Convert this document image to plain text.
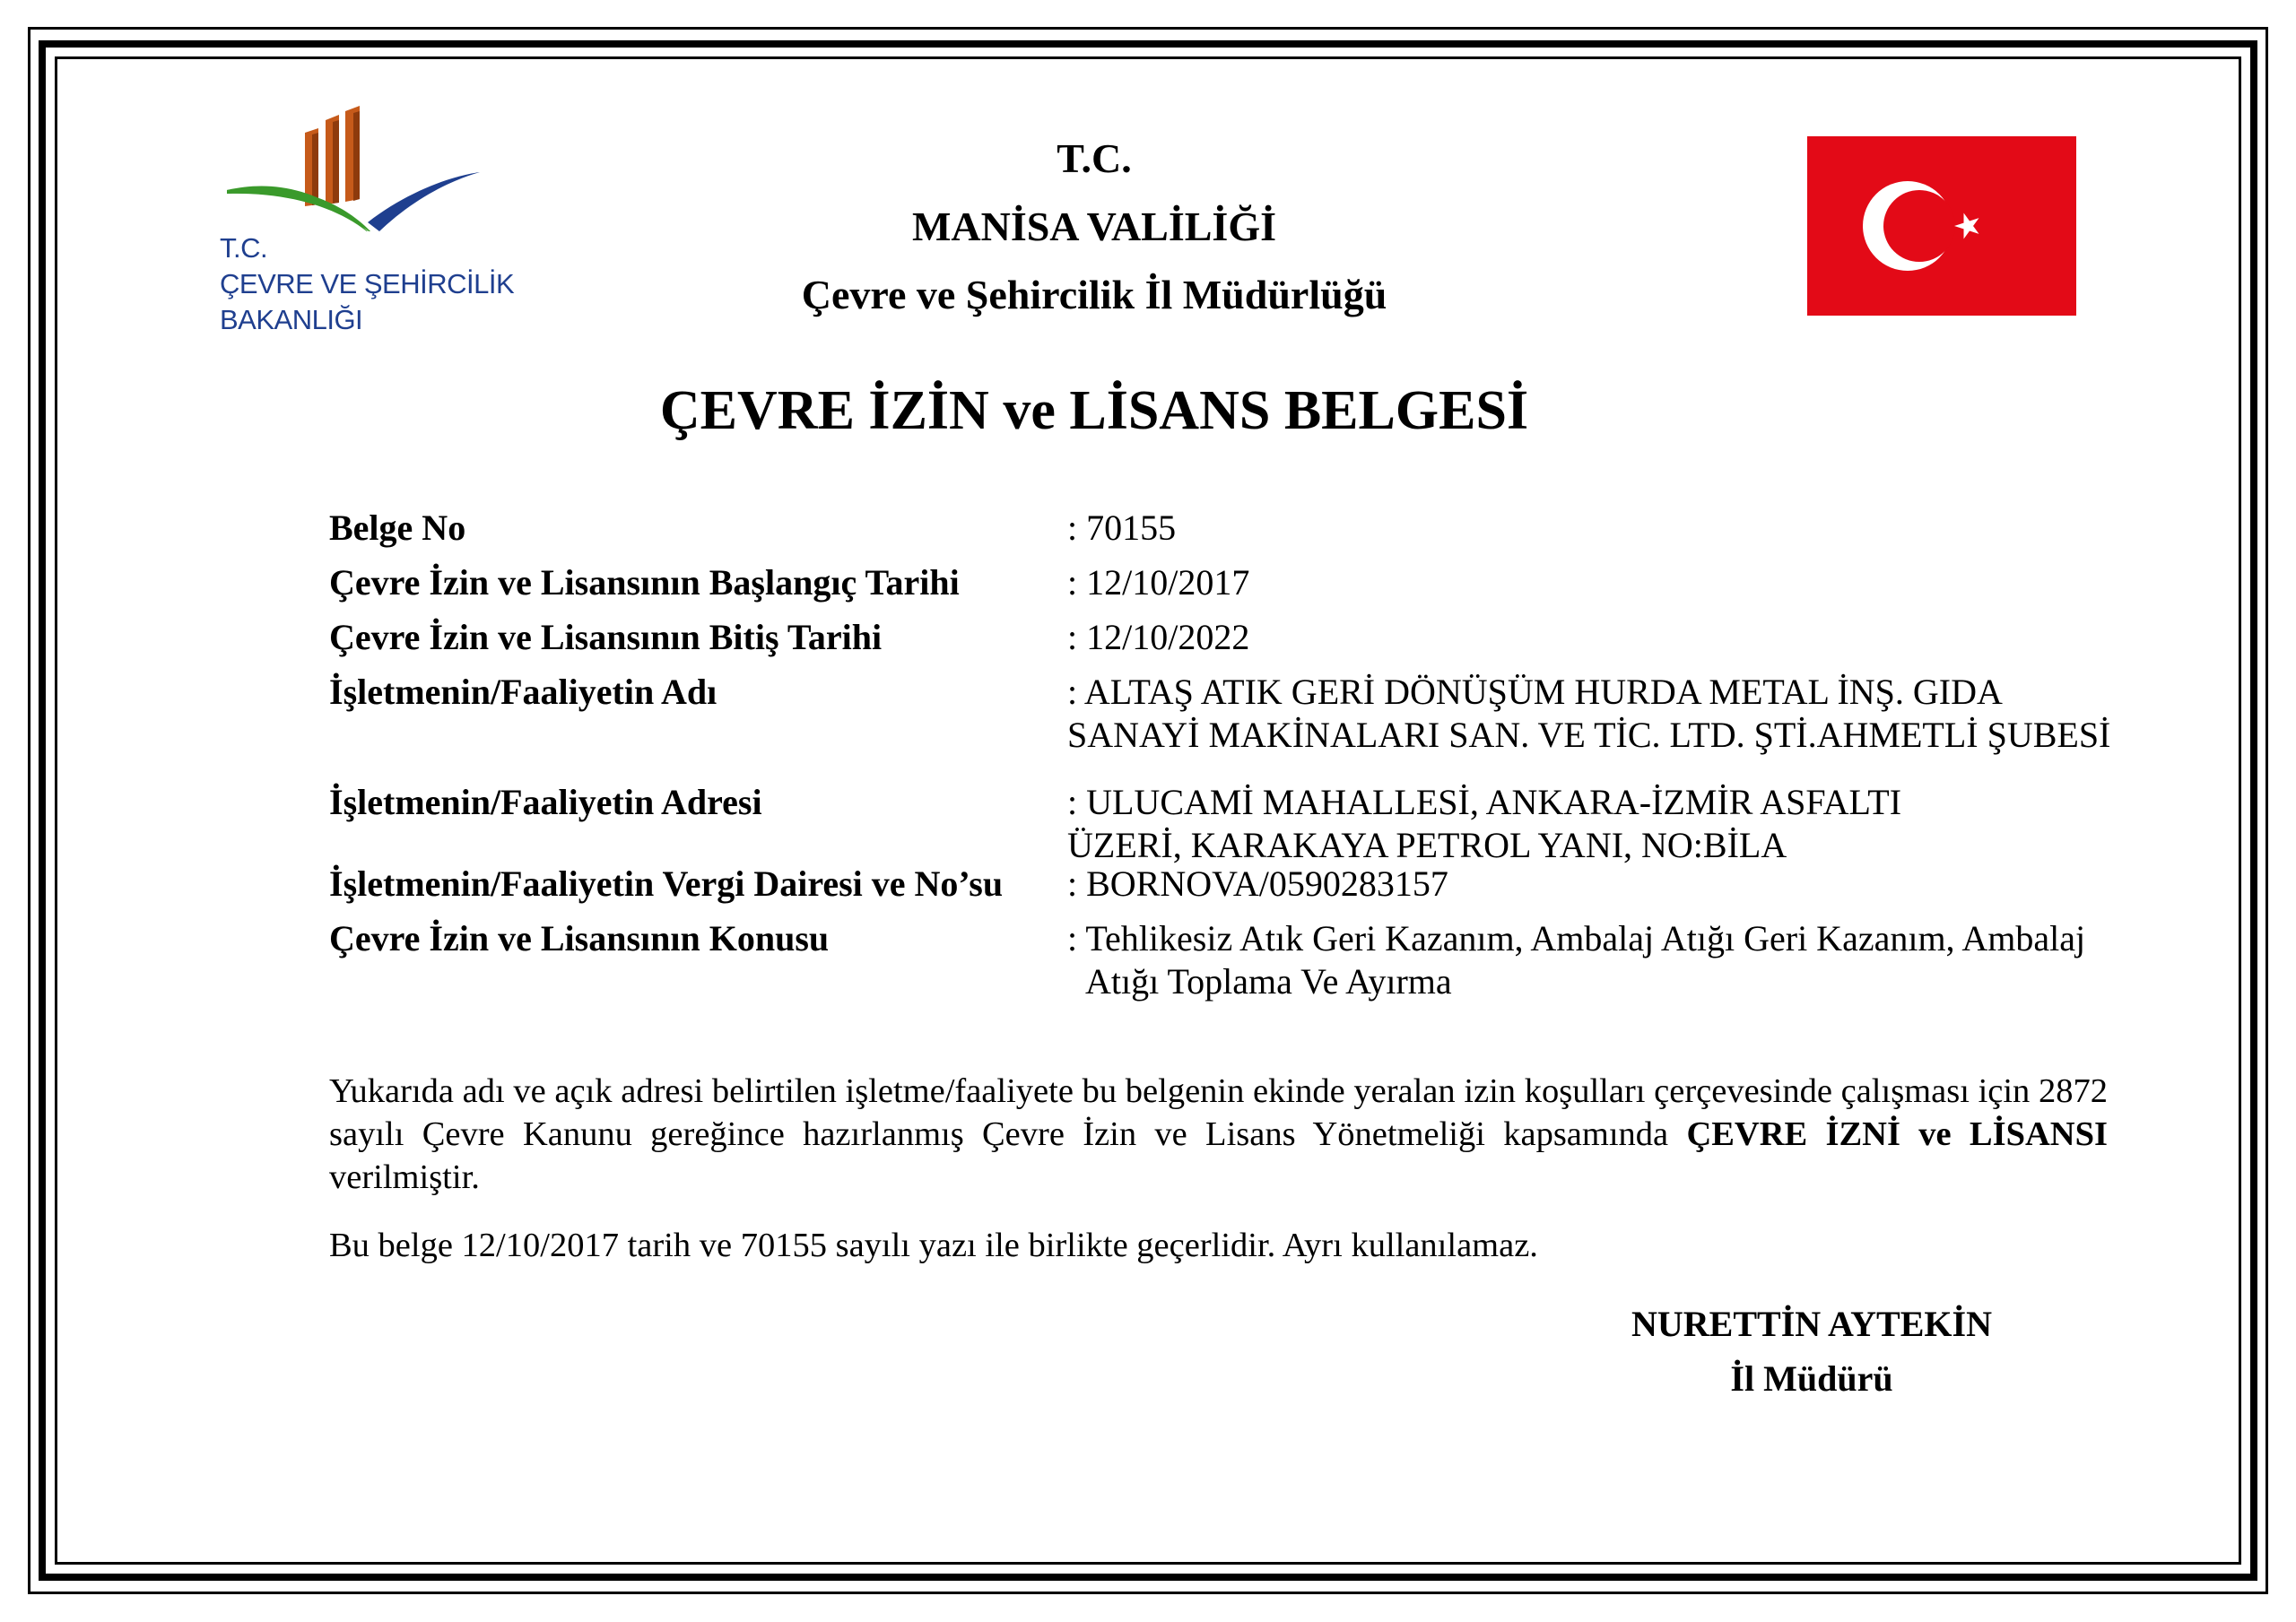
T.C.
ÇEVRE VE ŞEHİRCİLİK
BAKANLIĞI
T.C.
MANİSA VALİLİĞİ
Çevre ve Şehircilik İl Müdürlüğü
ÇEVRE İZİN ve LİSANS BELGESİ
Belge No	: 70155
Çevre İzin ve Lisansının Başlangıç Tarihi	: 12/10/2017
Çevre İzin ve Lisansının Bitiş Tarihi	: 12/10/2022
İşletmenin/Faaliyetin Adı	: ALTAŞ ATIK GERİ DÖNÜŞÜM HURDA METAL İNŞ. GIDA
SANAYİ MAKİNALARI SAN. VE TİC. LTD. ŞTİ.AHMETLİ ŞUBESİ
İşletmenin/Faaliyetin Adresi	: ULUCAMİ MAHALLESİ, ANKARA-İZMİR ASFALTI
ÜZERİ, KARAKAYA PETROL YANI, NO:BİLA
İşletmenin/Faaliyetin Vergi Dairesi ve No’su : BORNOVA/0590283157
Çevre İzin ve Lisansının Konusu	: Tehlikesiz Atık Geri Kazanım, Ambalaj Atığı Geri Kazanım, Ambalaj
Atığı Toplama Ve Ayırma
Yukarıda adı ve açık adresi belirtilen işletme/faaliyete bu belgenin ekinde yeralan izin koşulları çerçevesinde çalışması için 2872 sayılı Çevre Kanunu gereğince hazırlanmış Çevre İzin ve Lisans Yönetmeliği kapsamında ÇEVRE İZNİ ve LİSANSI verilmiştir.
Bu belge 12/10/2017 tarih ve 70155 sayılı yazı ile birlikte geçerlidir. Ayrı kullanılamaz.
NURETTİN AYTEKİN
İl Müdürü
